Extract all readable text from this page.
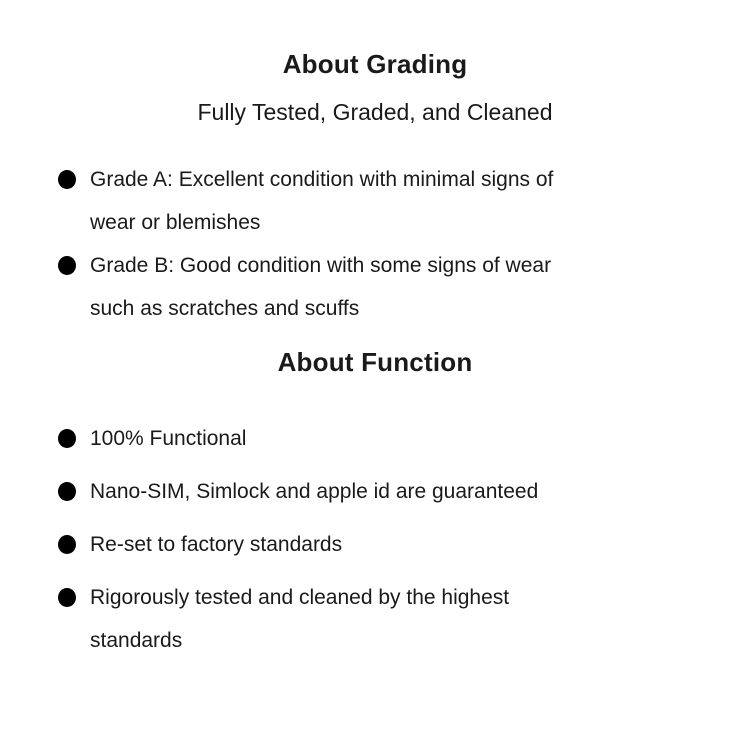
About Grading

Fully Tested, Graded, and Cleaned

Grade A: Excellent condition with minimal signs of
wear or blemishes
Grade B: Good condition with some signs of wear
such as scratches and scuffs
About Function
100% Functional
Nano-SIM, Simlock and apple id are guaranteed
Re-set to factory standards
Rigorously tested and cleaned by the highest
standards
